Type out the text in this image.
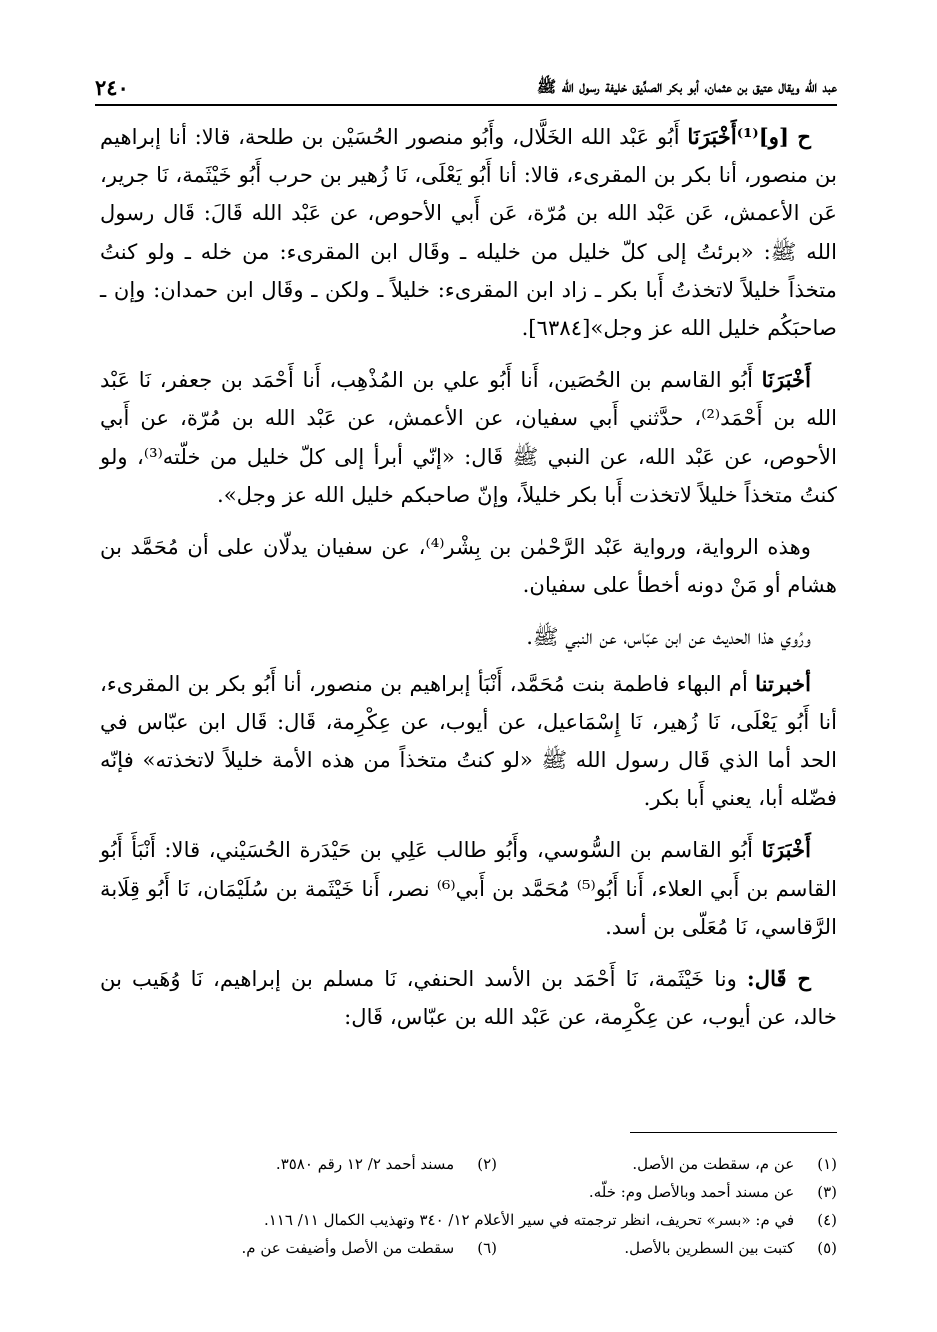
عبد الله ويقال عتيق بن عثمان، أبو بكر الصدِّيق خليفة رسول الله ﷺ
٢٤٠

ح [و]⁽¹⁾أَخْبَرَنَا أَبُو عَبْد الله الخَلَّال، وأَبُو منصور الحُسَيْن بن طلحة، قالا: أنا إبراهيم بن منصور، أنا بكر بن المقرىء، قالا: أنا أَبُو يَعْلَى، نَا زُهير بن حرب أَبُو خَيْثَمة، نَا جرير، عَن الأعمش، عَن عَبْد الله بن مُرّة، عَن أَبي الأحوص، عن عَبْد الله قَالَ: قَال رسول الله ﷺ: «برئتُ إلى كلّ خليل من خليله ـ وقَال ابن المقرىء: من خله ـ ولو كنتُ متخذاً خليلاً لاتخذتُ أَبا بكر ـ زاد ابن المقرىء: خليلاً ـ ولكن ـ وقَال ابن حمدان: وإن ـ صاحبَكُم خليل الله عز وجل»[٦٣٨٤].

أَخْبَرَنَا أَبُو القاسم بن الحُصَين، أَنا أَبُو علي بن المُذْهِب، أَنا أَحْمَد بن جعفر، نَا عَبْد الله بن أَحْمَد⁽²⁾، حدَّثني أَبي سفيان، عن الأعمش، عن عَبْد الله بن مُرّة، عن أَبي الأحوص، عن عَبْد الله، عن النبي ﷺ قَال: «إنّي أبرأ إلى كلّ خليل من خلّته⁽³⁾، ولو كنتُ متخذاً خليلاً لاتخذت أَبا بكر خليلاً، وإنّ صاحبكم خليل الله عز وجل».

وهذه الرواية، ورواية عَبْد الرَّحْمٰن بن بِشْر⁽⁴⁾، عن سفيان يدلّان على أن مُحَمَّد بن هشام أو مَنْ دونه أخطأ على سفيان.

ورُوي هذا الحديث عن ابن عبّاس، عن النبي ﷺ.

أخبرتنا أم البهاء فاطمة بنت مُحَمَّد، أَنْبَأ إبراهيم بن منصور، أنا أَبُو بكر بن المقرىء، أنا أَبُو يَعْلَى، نَا زُهير، نَا إِسْمَاعيل، عن أيوب، عن عِكْرِمة، قَال: قَال ابن عبّاس في الحد أما الذي قَال رسول الله ﷺ «لو كنتُ متخذاً من هذه الأمة خليلاً لاتخذته» فإنّه فضّله أبا، يعني أَبا بكر.

أَخْبَرَنَا أَبُو القاسم بن السُّوسي، وأَبُو طالب عَلِي بن حَيْدَرة الحُسَيْني، قالا: أَنْبَأَ أَبُو القاسم بن أَبي العلاء، أَنا أَبُو⁽⁵⁾ مُحَمَّد بن أَبي⁽⁶⁾ نصر، أَنا خَيْثَمة بن سُلَيْمَان، نَا أَبُو قِلَابة الرَّقاسي، نَا مُعَلّى بن أسد.

ح قَال: ونا خَيْثَمة، نَا أَحْمَد بن الأسد الحنفي، نَا مسلم بن إبراهيم، نَا وُهَيب بن خالد، عن أيوب، عن عِكْرِمة، عن عَبْد الله بن عبّاس، قَال:

(١) عن م، سقطت من الأصل.
(٢) مسند أحمد ٢/ ١٢ رقم ٣٥٨٠.
(٣) عن مسند أحمد وبالأصل وم: خلّه.
(٤) في م: «بسر» تحريف، انظر ترجمته في سير الأعلام ١٢/ ٣٤٠ وتهذيب الكمال ١١/ ١١٦.
(٥) كتبت بين السطرين بالأصل.
(٦) سقطت من الأصل وأضيفت عن م.
